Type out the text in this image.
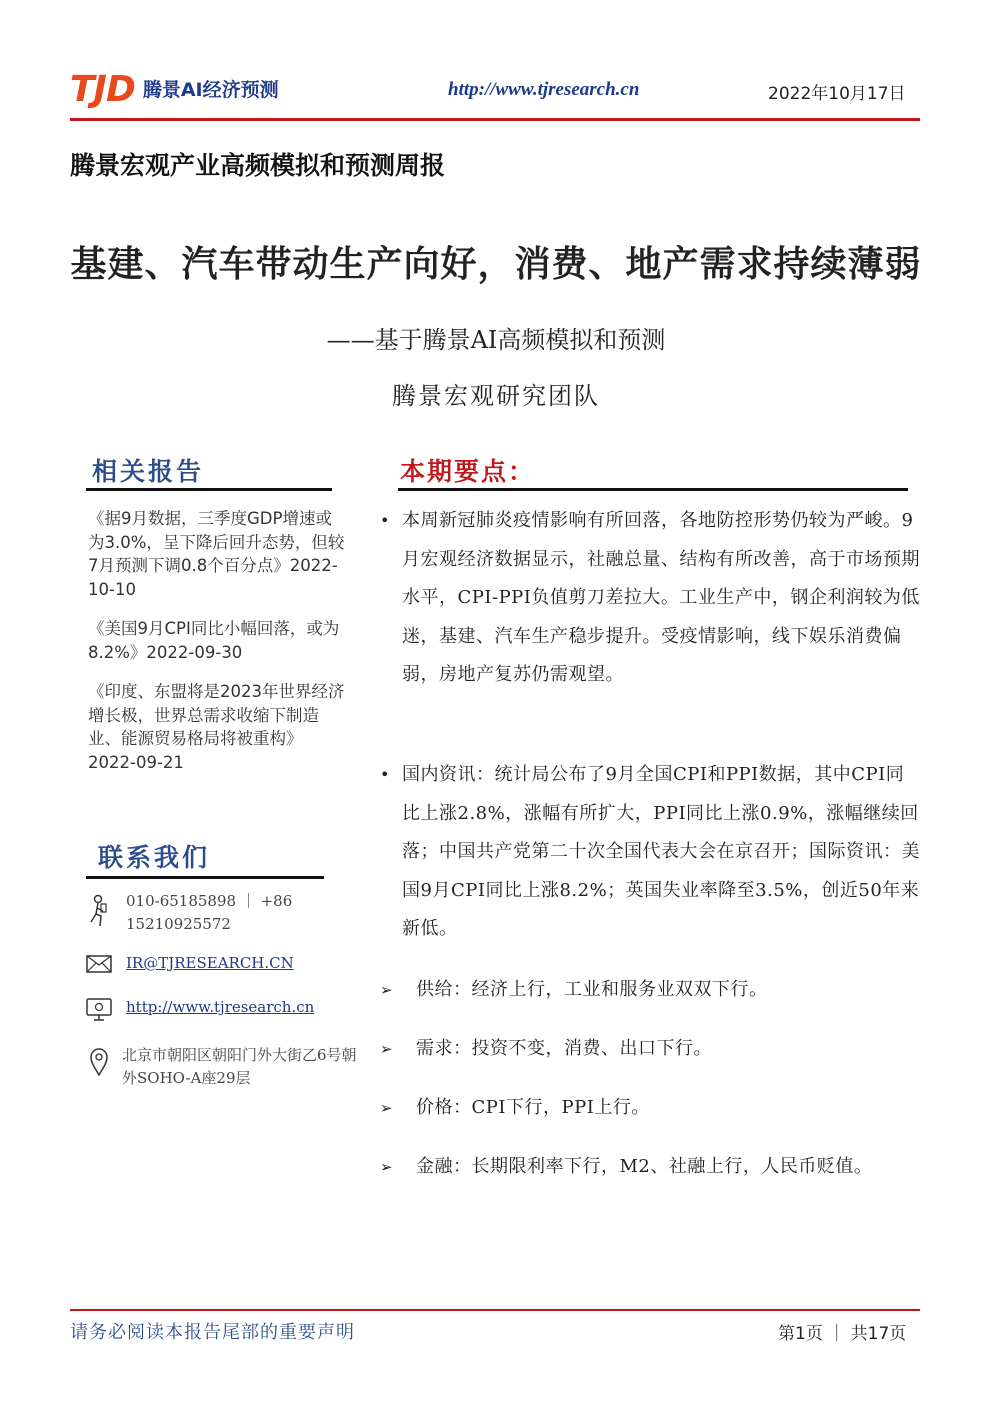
TJD 腾景AI经济预测	http://www.tjresearch.cn	2022年10月17日
腾景宏观产业高频模拟和预测周报
基建、汽车带动生产向好，消费、地产需求持续薄弱
——基于腾景AI高频模拟和预测
腾景宏观研究团队
相关报告
《据9月数据，三季度GDP增速或为3.0%，呈下降后回升态势，但较7月预测下调0.8个百分点》2022-10-10
《美国9月CPI同比小幅回落，或为8.2%》2022-09-30
《印度、东盟将是2023年世界经济增长极，世界总需求收缩下制造业、能源贸易格局将被重构》2022-09-21
联系我们
010-65185898 ｜ +86 15210925572
IR@TJRESEARCH.CN
http://www.tjresearch.cn
北京市朝阳区朝阳门外大街乙6号朝外SOHO-A座29层
本期要点：
• 本周新冠肺炎疫情影响有所回落，各地防控形势仍较为严峻。9月宏观经济数据显示，社融总量、结构有所改善，高于市场预期水平，CPI-PPI负值剪刀差拉大。工业生产中，钢企利润较为低迷，基建、汽车生产稳步提升。受疫情影响，线下娱乐消费偏弱，房地产复苏仍需观望。
• 国内资讯：统计局公布了9月全国CPI和PPI数据，其中CPI同比上涨2.8%，涨幅有所扩大，PPI同比上涨0.9%，涨幅继续回落；中国共产党第二十次全国代表大会在京召开；国际资讯：美国9月CPI同比上涨8.2%；英国失业率降至3.5%，创近50年来新低。
➢ 供给：经济上行，工业和服务业双双下行。
➢ 需求：投资不变，消费、出口下行。
➢ 价格：CPI下行，PPI上行。
➢ 金融：长期限利率下行，M2、社融上行，人民币贬值。
请务必阅读本报告尾部的重要声明	第1页 ｜ 共17页
